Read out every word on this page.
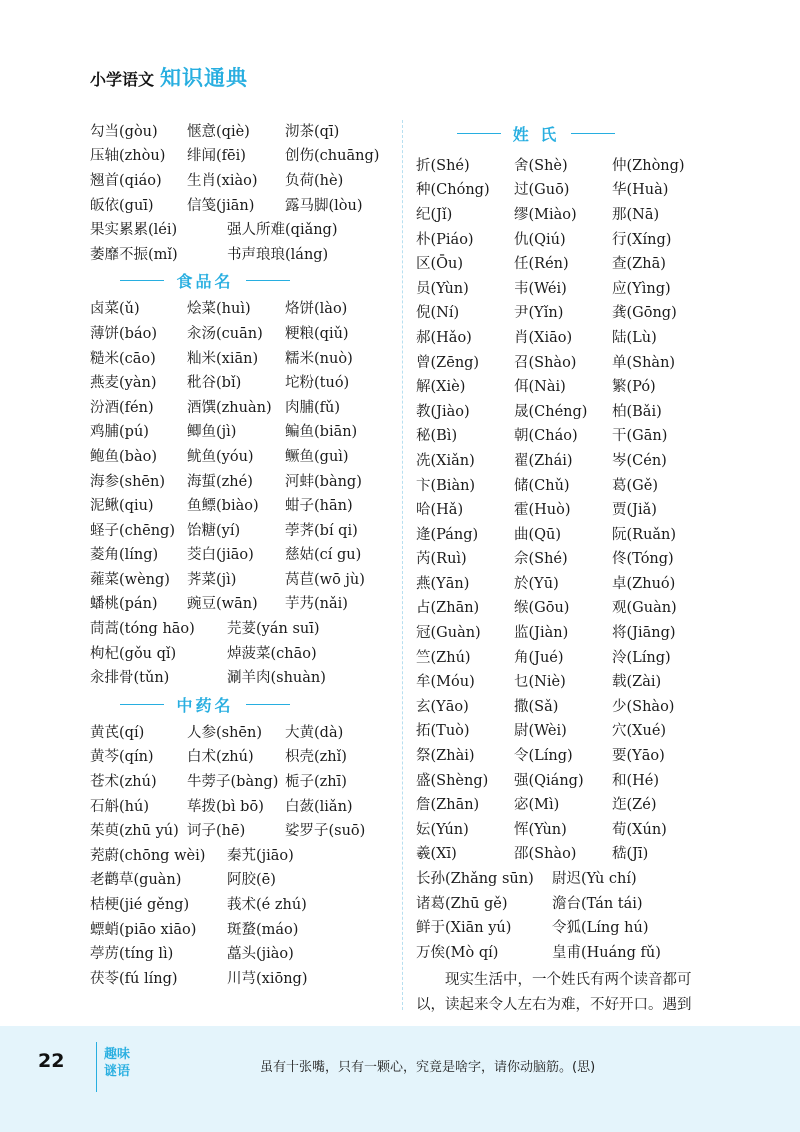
小学语文 知识通典
勾当(gòu)	惬意(qiè)	沏茶(qī)
压轴(zhòu)	绯闻(fēi)	创伤(chuāng)
翘首(qiáo)	生肖(xiào)	负荷(hè)
皈依(guī)	信笺(jiān)	露马脚(lòu)
果实累累(léi)	强人所难(qiǎng)
萎靡不振(mǐ)	书声琅琅(láng)
食品名
卤菜(ǔ)	烩菜(huì)	烙饼(lào)
薄饼(báo)	汆汤(cuān)	粳粮(qiǔ)
糙米(cāo)	籼米(xiān)	糯米(nuò)
燕麦(yàn)	秕谷(bǐ)	坨粉(tuó)
汾酒(fén)	酒馔(zhuàn) 肉脯(fǔ)
鸡脯(pú)	鲫鱼(jì)	鳊鱼(biān)
鲍鱼(bào)	鱿鱼(yóu)	鳜鱼(guì)
海参(shēn)	海蜇(zhé)	河蚌(bàng)
泥鳅(qiu)	鱼鳔(biào)	蚶子(hān)
蛏子(chēng) 饴糖(yí)	荸荠(bí qi)
菱角(líng)	茭白(jiāo)	慈姑(cí gu)
蕹菜(wèng)	荠菜(jì)	莴苣(wō jù)
蟠桃(pán)	豌豆(wān)	芋艿(nǎi)
茼蒿(tóng hāo)	芫荽(yán suī)
枸杞(gǒu qǐ)	焯菠菜(chāo)
汆排骨(tǔn)	涮羊肉(shuàn)
中药名
黄芪(qí)	人参(shēn)	大黄(dà)
黄芩(qín)	白术(zhú)	枳壳(zhǐ)
苍术(zhú)	牛蒡子(bàng) 栀子(zhī)
石斛(hú)	荜拨(bì bō)	白蔹(liǎn)
茱萸(zhū yú) 诃子(hē)	娑罗子(suō)
茺蔚(chōng wèi)	秦艽(jiāo)
老鹳草(guàn)	阿胶(ē)
桔梗(jié gěng)	莪术(é zhú)
螵蛸(piāo xiāo)	斑蝥(máo)
葶苈(tíng lì)	藠头(jiào)
茯苓(fú líng)	川芎(xiōng)
姓 氏
折(Shé)	舍(Shè)	仲(Zhòng)
种(Chóng)	过(Guō)	华(Huà)
纪(Jǐ)	缪(Miào)	那(Nā)
朴(Piáo)	仇(Qiú)	行(Xíng)
区(Ōu)	任(Rén)	查(Zhā)
员(Yùn)	韦(Wéi)	应(Yìng)
倪(Ní)	尹(Yǐn)	龚(Gōng)
郝(Hǎo)	肖(Xiāo)	陆(Lù)
曾(Zēng)	召(Shào)	单(Shàn)
解(Xiè)	佴(Nài)	繁(Pó)
教(Jiào)	晟(Chéng)	柏(Bǎi)
秘(Bì)	朝(Cháo)	干(Gān)
冼(Xiǎn)	翟(Zhái)	岑(Cén)
卞(Biàn)	储(Chǔ)	葛(Gě)
哈(Hǎ)	霍(Huò)	贾(Jiǎ)
逄(Páng)	曲(Qū)	阮(Ruǎn)
芮(Ruì)	佘(Shé)	佟(Tóng)
燕(Yān)	於(Yū)	卓(Zhuó)
占(Zhān)	缑(Gōu)	观(Guàn)
冠(Guàn)	监(Jiàn)	将(Jiāng)
竺(Zhú)	角(Jué)	泠(Líng)
牟(Móu)	乜(Niè)	载(Zài)
玄(Yāo)	撒(Sǎ)	少(Shào)
拓(Tuò)	尉(Wèi)	穴(Xué)
祭(Zhài)	令(Líng)	要(Yāo)
盛(Shèng)	强(Qiáng)	和(Hé)
詹(Zhān)	宓(Mì)	迮(Zé)
妘(Yún)	恽(Yùn)	荀(Xún)
羲(Xī)	邵(Shào)	嵇(Jī)
长孙(Zhǎng sūn)	尉迟(Yù chí)
诸葛(Zhū gě)	澹台(Tán tái)
鲜于(Xiān yú)	令狐(Líng hú)
万俟(Mò qí)	皇甫(Huáng fǔ)
现实生活中，一个姓氏有两个读音都可以，读起来令人左右为难，不好开口。遇到
22	趣味
谜语	虽有十张嘴，只有一颗心，究竟是啥字，请你动脑筋。(思)
